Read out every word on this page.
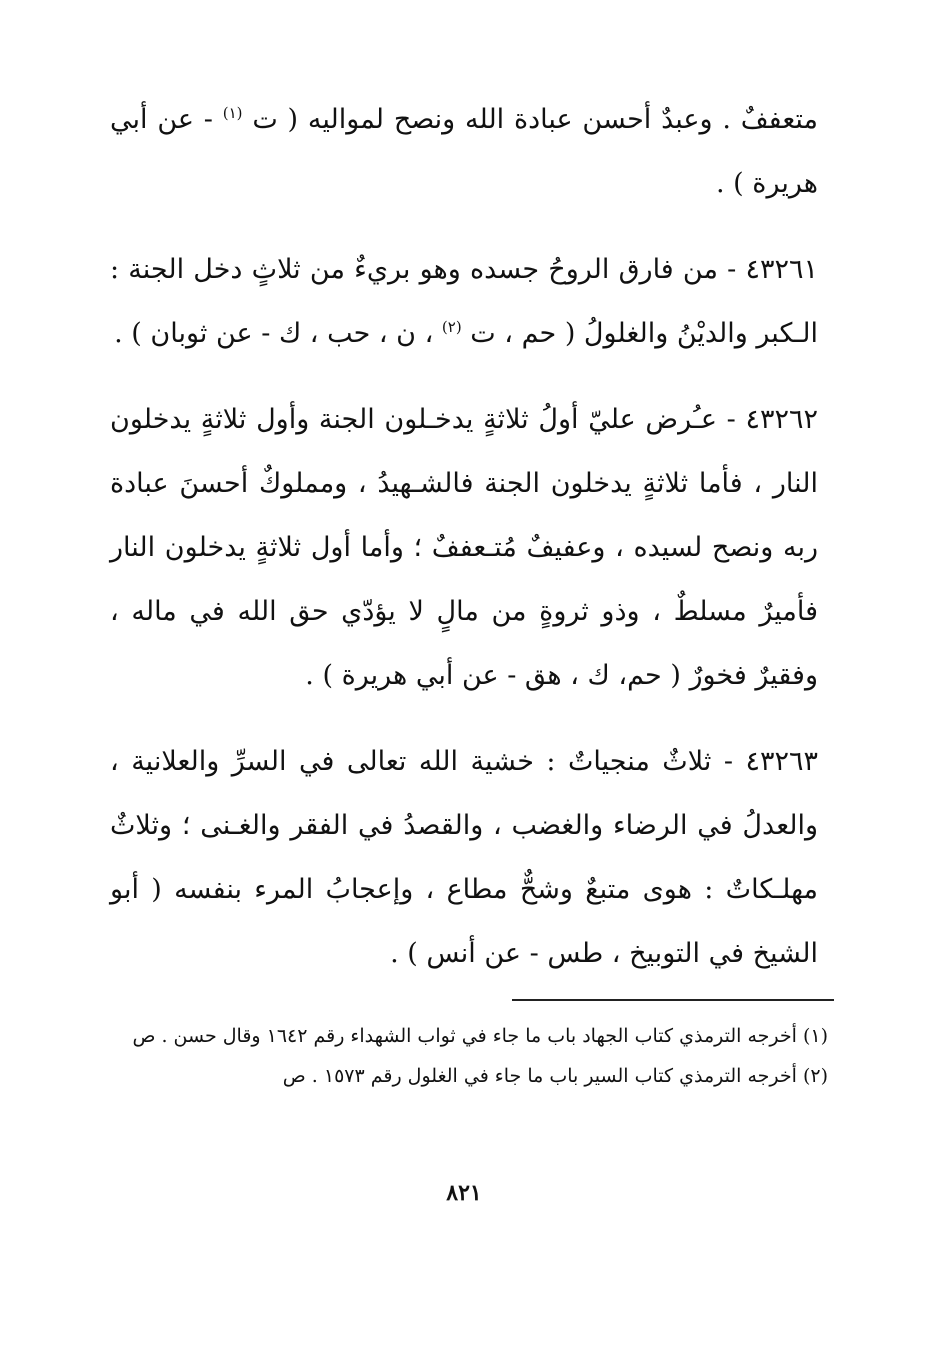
متعففٌ . وعبدٌ أحسن عبادة الله ونصح لمواليه ( ت $^{(١)}$ - عن أبي هريرة ) .

٤٣٢٦١ - من فارق الروحُ جسده وهو بريءٌ من ثلاثٍ دخل الجنة : الـكبر والديْنُ والغلولُ ( حم ، ت $^{(٢)}$ ، ن ، حب ، ك - عن ثوبان ) .

٤٣٢٦٢ - عـُرض عليّ أولُ ثلاثةٍ يدخـلون الجنة وأول ثلاثةٍ يدخلون النار ، فأما ثلاثةٍ يدخلون الجنة فالشـهيدُ ، ومملوكٌ أحسنَ عبادة ربه ونصح لسيده ، وعفيفٌ مُتـعففٌ ؛ وأما أول ثلاثةٍ يدخلون النار فأميرٌ مسلطٌ ، وذو ثروةٍ من مالٍ لا يؤدّي حق الله في ماله ، وفقيرٌ فخورٌ ( حم، ك ، هق - عن أبي هريرة ) .

٤٣٢٦٣ - ثلاثٌ منجياتٌ : خشية الله تعالى في السرِّ والعلانية ، والعدلُ في الرضاء والغضب ، والقصدُ في الفقر والغـنى ؛ وثلاثٌ مهلـكاتٌ : هوى متبعٌ وشحٌّ مطاع ، وإعجابُ المرء بنفسه ( أبو الشيخ في التوبيخ ، طس - عن أنس ) .

(١) أخرجه الترمذي كتاب الجهاد باب ما جاء في ثواب الشهداء رقم ١٦٤٢ وقال حسن . ص

(٢) أخرجه الترمذي كتاب السير باب ما جاء في الغلول رقم ١٥٧٣ . ص

٨٢١
